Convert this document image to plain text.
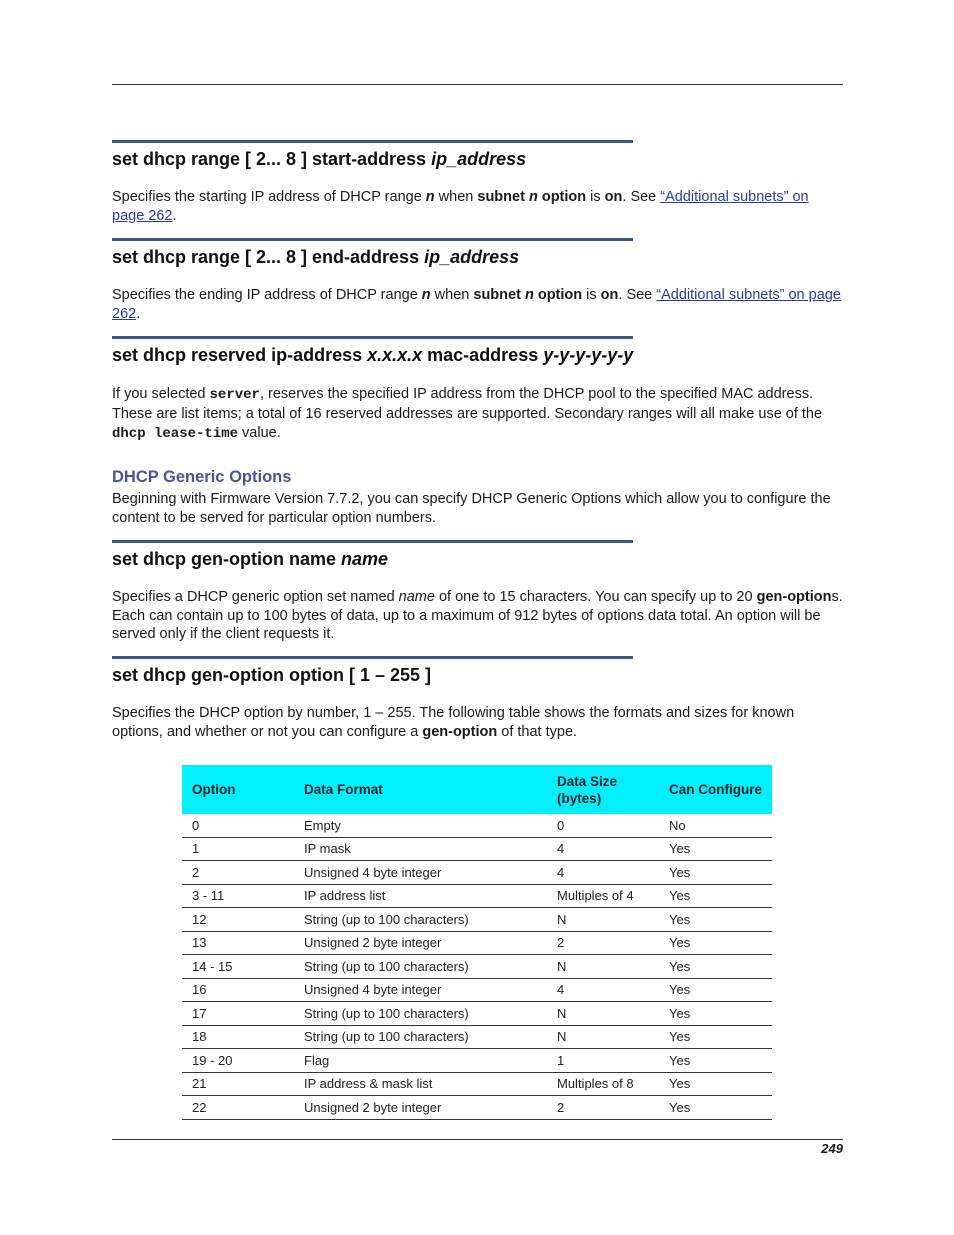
set dhcp range [ 2... 8 ] start-address ip_address

Specifies the starting IP address of DHCP range n when subnet n option is on. See “Additional subnets” on page 262.

set dhcp range [ 2... 8 ] end-address ip_address

Specifies the ending IP address of DHCP range n when subnet n option is on. See “Additional subnets” on page 262.

set dhcp reserved ip-address x.x.x.x mac-address y-y-y-y-y-y

If you selected server, reserves the specified IP address from the DHCP pool to the specified MAC address. These are list items; a total of 16 reserved addresses are supported. Secondary ranges will all make use of the dhcp lease-time value.

DHCP Generic Options

Beginning with Firmware Version 7.7.2, you can specify DHCP Generic Options which allow you to configure the content to be served for particular option numbers.

set dhcp gen-option name name

Specifies a DHCP generic option set named name of one to 15 characters. You can specify up to 20 gen-options. Each can contain up to 100 bytes of data, up to a maximum of 912 bytes of options data total. An option will be served only if the client requests it.

set dhcp gen-option option [ 1 – 255 ]

Specifies the DHCP option by number, 1 – 255. The following table shows the formats and sizes for known options, and whether or not you can configure a gen-option of that type.

Option	Data Format	Data Size (bytes)	Can Configure
0	Empty	0	No
1	IP mask	4	Yes
2	Unsigned 4 byte integer	4	Yes
3 - 11	IP address list	Multiples of 4	Yes
12	String (up to 100 characters)	N	Yes
13	Unsigned 2 byte integer	2	Yes
14 - 15	String (up to 100 characters)	N	Yes
16	Unsigned 4 byte integer	4	Yes
17	String (up to 100 characters)	N	Yes
18	String (up to 100 characters)	N	Yes
19 - 20	Flag	1	Yes
21	IP address & mask list	Multiples of 8	Yes
22	Unsigned 2 byte integer	2	Yes
249
